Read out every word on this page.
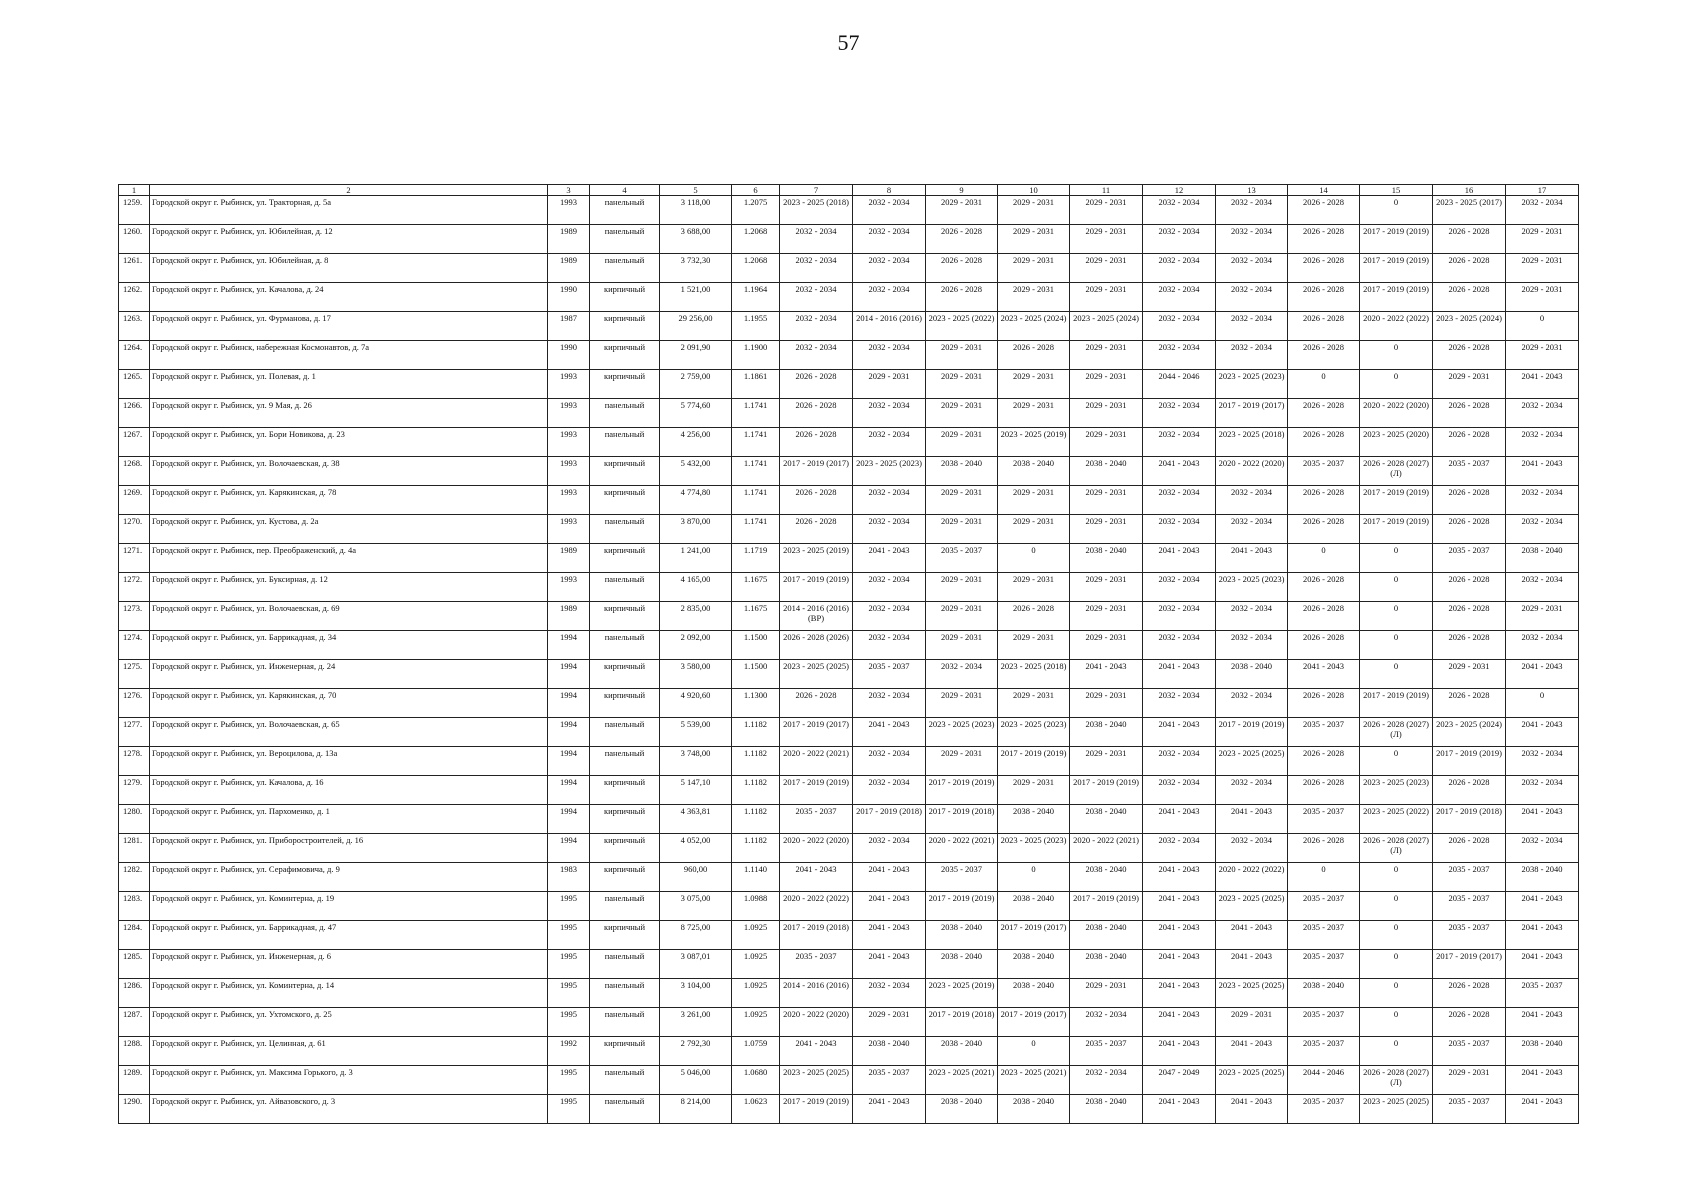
57
1	2	3	4	5	6	7	8	9	10	11	12	13	14	15	16	17
1259.	Городской округ г. Рыбинск, ул. Тракторная, д. 5а	1993	панельный	3 118,00	1.2075	2023 - 2025 (2018)	2032 - 2034	2029 - 2031	2029 - 2031	2029 - 2031	2032 - 2034	2032 - 2034	2026 - 2028	0	2023 - 2025 (2017)	2032 - 2034
1260.	Городской округ г. Рыбинск, ул. Юбилейная, д. 12	1989	панельный	3 688,00	1.2068	2032 - 2034	2032 - 2034	2026 - 2028	2029 - 2031	2029 - 2031	2032 - 2034	2032 - 2034	2026 - 2028	2017 - 2019 (2019)	2026 - 2028	2029 - 2031
1261.	Городской округ г. Рыбинск, ул. Юбилейная, д. 8	1989	панельный	3 732,30	1.2068	2032 - 2034	2032 - 2034	2026 - 2028	2029 - 2031	2029 - 2031	2032 - 2034	2032 - 2034	2026 - 2028	2017 - 2019 (2019)	2026 - 2028	2029 - 2031
1262.	Городской округ г. Рыбинск, ул. Качалова, д. 24	1990	кирпичный	1 521,00	1.1964	2032 - 2034	2032 - 2034	2026 - 2028	2029 - 2031	2029 - 2031	2032 - 2034	2032 - 2034	2026 - 2028	2017 - 2019 (2019)	2026 - 2028	2029 - 2031
1263.	Городской округ г. Рыбинск, ул. Фурманова, д. 17	1987	кирпичный	29 256,00	1.1955	2032 - 2034	2014 - 2016 (2016)	2023 - 2025 (2022)	2023 - 2025 (2024)	2023 - 2025 (2024)	2032 - 2034	2032 - 2034	2026 - 2028	2020 - 2022 (2022)	2023 - 2025 (2024)	0
1264.	Городской округ г. Рыбинск, набережная Космонавтов, д. 7а	1990	кирпичный	2 091,90	1.1900	2032 - 2034	2032 - 2034	2029 - 2031	2026 - 2028	2029 - 2031	2032 - 2034	2032 - 2034	2026 - 2028	0	2026 - 2028	2029 - 2031
1265.	Городской округ г. Рыбинск, ул. Полевая, д. 1	1993	кирпичный	2 759,00	1.1861	2026 - 2028	2029 - 2031	2029 - 2031	2029 - 2031	2029 - 2031	2044 - 2046	2023 - 2025 (2023)	0	0	2029 - 2031	2041 - 2043
1266.	Городской округ г. Рыбинск, ул. 9 Мая, д. 26	1993	панельный	5 774,60	1.1741	2026 - 2028	2032 - 2034	2029 - 2031	2029 - 2031	2029 - 2031	2032 - 2034	2017 - 2019 (2017)	2026 - 2028	2020 - 2022 (2020)	2026 - 2028	2032 - 2034
1267.	Городской округ г. Рыбинск, ул. Бори Новикова, д. 23	1993	панельный	4 256,00	1.1741	2026 - 2028	2032 - 2034	2029 - 2031	2023 - 2025 (2019)	2029 - 2031	2032 - 2034	2023 - 2025 (2018)	2026 - 2028	2023 - 2025 (2020)	2026 - 2028	2032 - 2034
1268.	Городской округ г. Рыбинск, ул. Волочаевская, д. 38	1993	кирпичный	5 432,00	1.1741	2017 - 2019 (2017)	2023 - 2025 (2023)	2038 - 2040	2038 - 2040	2038 - 2040	2041 - 2043	2020 - 2022 (2020)	2035 - 2037	2026 - 2028 (2027) (Л)	2035 - 2037	2041 - 2043
1269.	Городской округ г. Рыбинск, ул. Карякинская, д. 78	1993	кирпичный	4 774,80	1.1741	2026 - 2028	2032 - 2034	2029 - 2031	2029 - 2031	2029 - 2031	2032 - 2034	2032 - 2034	2026 - 2028	2017 - 2019 (2019)	2026 - 2028	2032 - 2034
1270.	Городской округ г. Рыбинск, ул. Кустова, д. 2а	1993	панельный	3 870,00	1.1741	2026 - 2028	2032 - 2034	2029 - 2031	2029 - 2031	2029 - 2031	2032 - 2034	2032 - 2034	2026 - 2028	2017 - 2019 (2019)	2026 - 2028	2032 - 2034
1271.	Городской округ г. Рыбинск, пер. Преображенский, д. 4а	1989	кирпичный	1 241,00	1.1719	2023 - 2025 (2019)	2041 - 2043	2035 - 2037	0	2038 - 2040	2041 - 2043	2041 - 2043	0	0	2035 - 2037	2038 - 2040
1272.	Городской округ г. Рыбинск, ул. Буксирная, д. 12	1993	панельный	4 165,00	1.1675	2017 - 2019 (2019)	2032 - 2034	2029 - 2031	2029 - 2031	2029 - 2031	2032 - 2034	2023 - 2025 (2023)	2026 - 2028	0	2026 - 2028	2032 - 2034
1273.	Городской округ г. Рыбинск, ул. Волочаевская, д. 69	1989	кирпичный	2 835,00	1.1675	2014 - 2016 (2016) (ВР)	2032 - 2034	2029 - 2031	2026 - 2028	2029 - 2031	2032 - 2034	2032 - 2034	2026 - 2028	0	2026 - 2028	2029 - 2031
1274.	Городской округ г. Рыбинск, ул. Баррикадная, д. 34	1994	панельный	2 092,00	1.1500	2026 - 2028 (2026)	2032 - 2034	2029 - 2031	2029 - 2031	2029 - 2031	2032 - 2034	2032 - 2034	2026 - 2028	0	2026 - 2028	2032 - 2034
1275.	Городской округ г. Рыбинск, ул. Инженерная, д. 24	1994	кирпичный	3 580,00	1.1500	2023 - 2025 (2025)	2035 - 2037	2032 - 2034	2023 - 2025 (2018)	2041 - 2043	2041 - 2043	2038 - 2040	2041 - 2043	0	2029 - 2031	2041 - 2043
1276.	Городской округ г. Рыбинск, ул. Карякинская, д. 70	1994	кирпичный	4 920,60	1.1300	2026 - 2028	2032 - 2034	2029 - 2031	2029 - 2031	2029 - 2031	2032 - 2034	2032 - 2034	2026 - 2028	2017 - 2019 (2019)	2026 - 2028	0
1277.	Городской округ г. Рыбинск, ул. Волочаевская, д. 65	1994	панельный	5 539,00	1.1182	2017 - 2019 (2017)	2041 - 2043	2023 - 2025 (2023)	2023 - 2025 (2023)	2038 - 2040	2041 - 2043	2017 - 2019 (2019)	2035 - 2037	2026 - 2028 (2027) (Л)	2023 - 2025 (2024)	2041 - 2043
1278.	Городской округ г. Рыбинск, ул. Вероцилова, д. 13а	1994	панельный	3 748,00	1.1182	2020 - 2022 (2021)	2032 - 2034	2029 - 2031	2017 - 2019 (2019)	2029 - 2031	2032 - 2034	2023 - 2025 (2025)	2026 - 2028	0	2017 - 2019 (2019)	2032 - 2034
1279.	Городской округ г. Рыбинск, ул. Качалова, д. 16	1994	кирпичный	5 147,10	1.1182	2017 - 2019 (2019)	2032 - 2034	2017 - 2019 (2019)	2029 - 2031	2017 - 2019 (2019)	2032 - 2034	2032 - 2034	2026 - 2028	2023 - 2025 (2023)	2026 - 2028	2032 - 2034
1280.	Городской округ г. Рыбинск, ул. Пархоменко, д. 1	1994	кирпичный	4 363,81	1.1182	2035 - 2037	2017 - 2019 (2018)	2017 - 2019 (2018)	2038 - 2040	2038 - 2040	2041 - 2043	2041 - 2043	2035 - 2037	2023 - 2025 (2022)	2017 - 2019 (2018)	2041 - 2043
1281.	Городской округ г. Рыбинск, ул. Приборостроителей, д. 16	1994	кирпичный	4 052,00	1.1182	2020 - 2022 (2020)	2032 - 2034	2020 - 2022 (2021)	2023 - 2025 (2023)	2020 - 2022 (2021)	2032 - 2034	2032 - 2034	2026 - 2028	2026 - 2028 (2027) (Л)	2026 - 2028	2032 - 2034
1282.	Городской округ г. Рыбинск, ул. Серафимовича, д. 9	1983	кирпичный	960,00	1.1140	2041 - 2043	2041 - 2043	2035 - 2037	0	2038 - 2040	2041 - 2043	2020 - 2022 (2022)	0	0	2035 - 2037	2038 - 2040
1283.	Городской округ г. Рыбинск, ул. Коминтерна, д. 19	1995	панельный	3 075,00	1.0988	2020 - 2022 (2022)	2041 - 2043	2017 - 2019 (2019)	2038 - 2040	2017 - 2019 (2019)	2041 - 2043	2023 - 2025 (2025)	2035 - 2037	0	2035 - 2037	2041 - 2043
1284.	Городской округ г. Рыбинск, ул. Баррикадная, д. 47	1995	кирпичный	8 725,00	1.0925	2017 - 2019 (2018)	2041 - 2043	2038 - 2040	2017 - 2019 (2017)	2038 - 2040	2041 - 2043	2041 - 2043	2035 - 2037	0	2035 - 2037	2041 - 2043
1285.	Городской округ г. Рыбинск, ул. Инженерная, д. 6	1995	панельный	3 087,01	1.0925	2035 - 2037	2041 - 2043	2038 - 2040	2038 - 2040	2038 - 2040	2041 - 2043	2041 - 2043	2035 - 2037	0	2017 - 2019 (2017)	2041 - 2043
1286.	Городской округ г. Рыбинск, ул. Коминтерна, д. 14	1995	панельный	3 104,00	1.0925	2014 - 2016 (2016)	2032 - 2034	2023 - 2025 (2019)	2038 - 2040	2029 - 2031	2041 - 2043	2023 - 2025 (2025)	2038 - 2040	0	2026 - 2028	2035 - 2037
1287.	Городской округ г. Рыбинск, ул. Ухтомского, д. 25	1995	панельный	3 261,00	1.0925	2020 - 2022 (2020)	2029 - 2031	2017 - 2019 (2018)	2017 - 2019 (2017)	2032 - 2034	2041 - 2043	2029 - 2031	2035 - 2037	0	2026 - 2028	2041 - 2043
1288.	Городской округ г. Рыбинск, ул. Целинная, д. 61	1992	кирпичный	2 792,30	1.0759	2041 - 2043	2038 - 2040	2038 - 2040	0	2035 - 2037	2041 - 2043	2041 - 2043	2035 - 2037	0	2035 - 2037	2038 - 2040
1289.	Городской округ г. Рыбинск, ул. Максима Горького, д. 3	1995	панельный	5 046,00	1.0680	2023 - 2025 (2025)	2035 - 2037	2023 - 2025 (2021)	2023 - 2025 (2021)	2032 - 2034	2047 - 2049	2023 - 2025 (2025)	2044 - 2046	2026 - 2028 (2027) (Л)	2029 - 2031	2041 - 2043
1290.	Городской округ г. Рыбинск, ул. Айвазовского, д. 3	1995	панельный	8 214,00	1.0623	2017 - 2019 (2019)	2041 - 2043	2038 - 2040	2038 - 2040	2038 - 2040	2041 - 2043	2041 - 2043	2035 - 2037	2023 - 2025 (2025)	2035 - 2037	2041 - 2043
